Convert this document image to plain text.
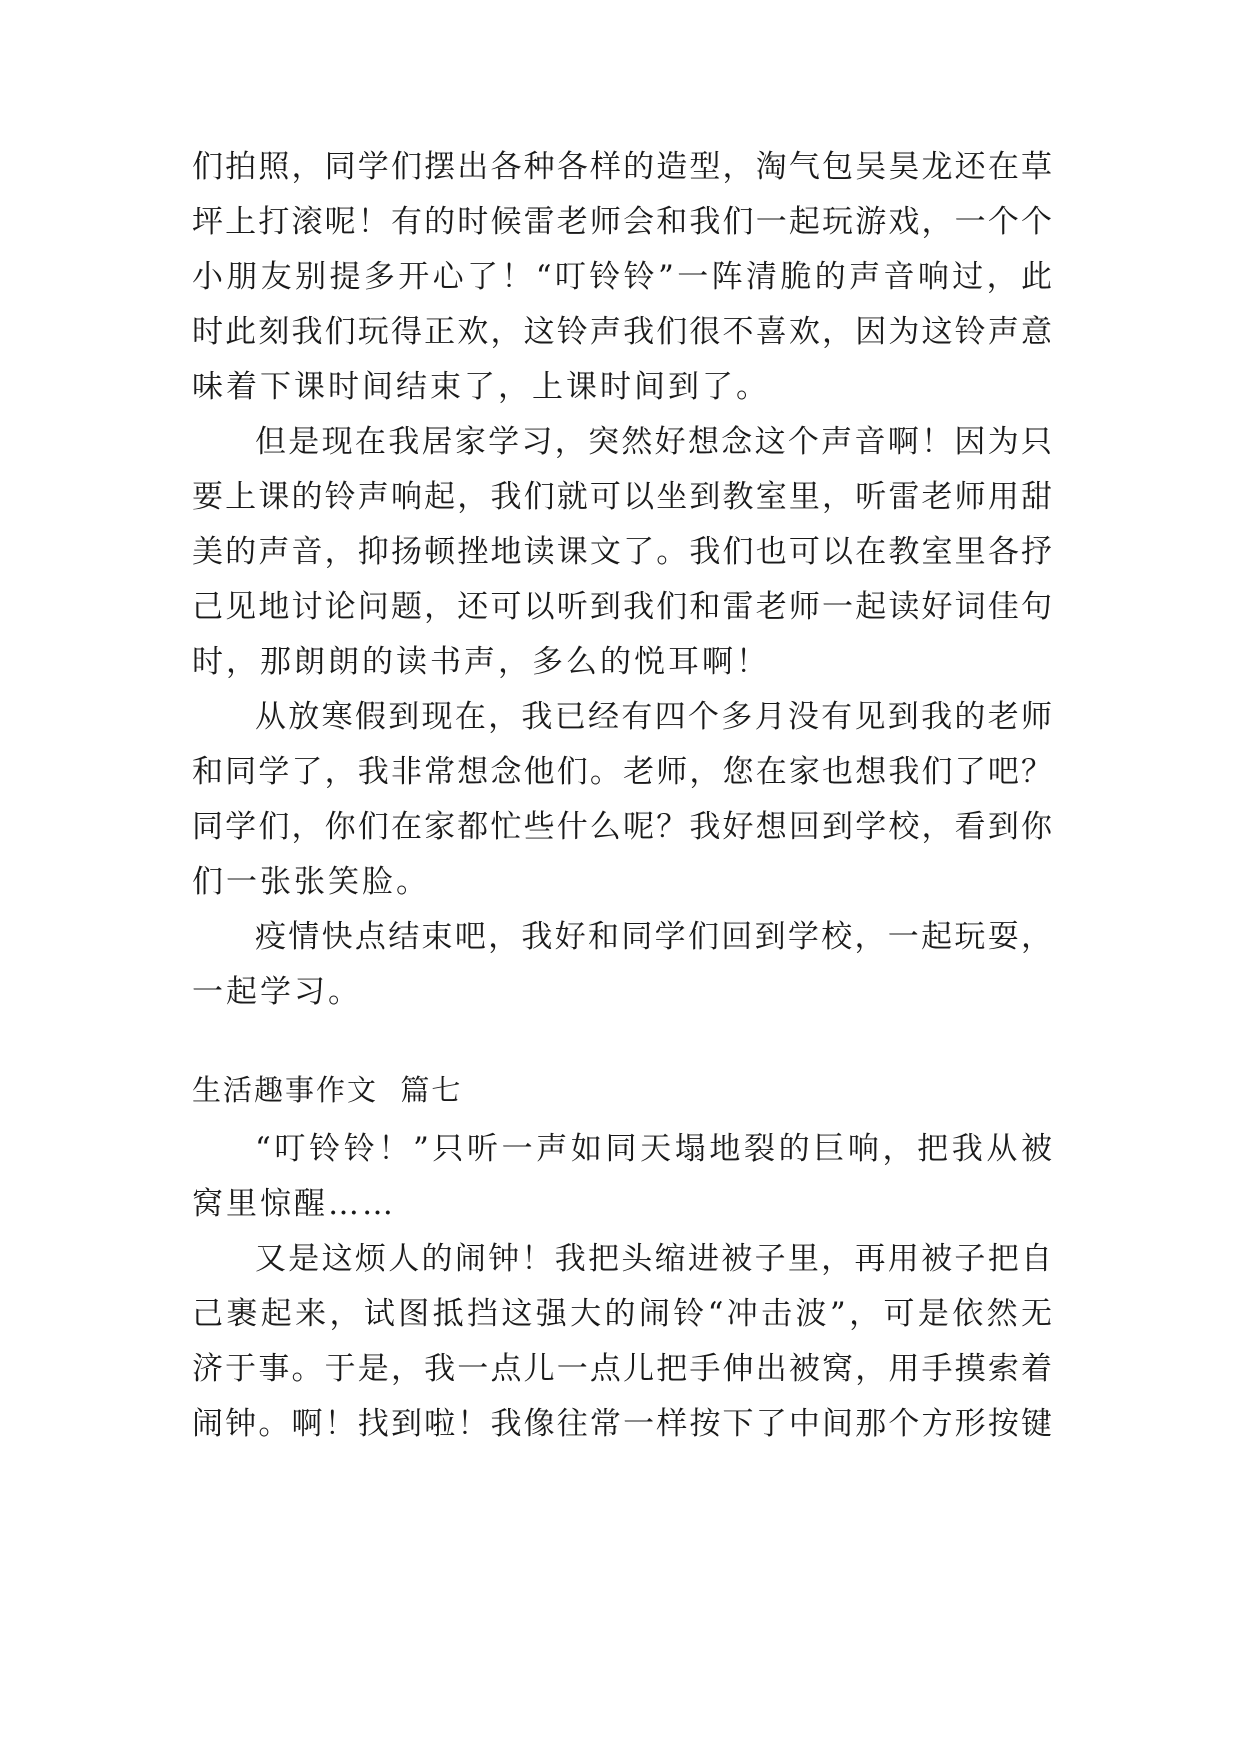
们拍照，同学们摆出各种各样的造型，淘气包吴昊龙还在草
坪上打滚呢！有的时候雷老师会和我们一起玩游戏，一个个
小朋友别提多开心了！“叮铃铃”一阵清脆的声音响过，此
时此刻我们玩得正欢，这铃声我们很不喜欢，因为这铃声意
味着下课时间结束了，上课时间到了。
但是现在我居家学习，突然好想念这个声音啊！因为只
要上课的铃声响起，我们就可以坐到教室里，听雷老师用甜
美的声音，抑扬顿挫地读课文了。我们也可以在教室里各抒
己见地讨论问题，还可以听到我们和雷老师一起读好词佳句
时，那朗朗的读书声，多么的悦耳啊！
从放寒假到现在，我已经有四个多月没有见到我的老师
和同学了，我非常想念他们。老师，您在家也想我们了吧？
同学们，你们在家都忙些什么呢？我好想回到学校，看到你
们一张张笑脸。
疫情快点结束吧，我好和同学们回到学校，一起玩耍，
一起学习。
生活趣事作文  篇七
“叮铃铃！”只听一声如同天塌地裂的巨响，把我从被
窝里惊醒……
又是这烦人的闹钟！我把头缩进被子里，再用被子把自
己裹起来，试图抵挡这强大的闹铃“冲击波”，可是依然无
济于事。于是，我一点儿一点儿把手伸出被窝，用手摸索着
闹钟。啊！找到啦！我像往常一样按下了中间那个方形按键
